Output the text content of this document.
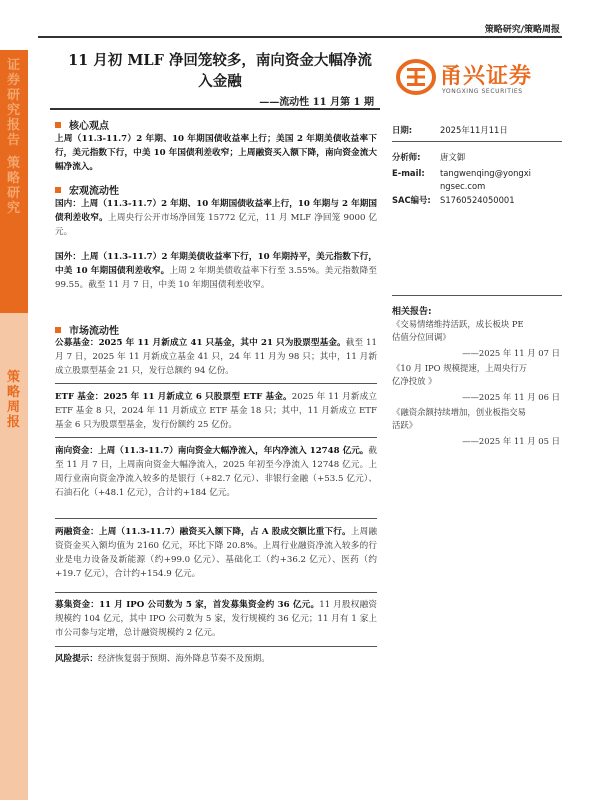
策略研究/策略周报
证券研究报告
策略研究
策略周报
11 月初 MLF 净回笼较多，南向资金大幅净流
入金融
——流动性 11 月第 1 期
甬兴证券
YONGXING SECURITIES
核心观点
上周（11.3-11.7）2 年期、10 年期国债收益率上行；美国 2 年期美债收益率下行，美元指数下行，中美 10 年国债利差收窄；上周融资买入额下降，南向资金流大幅净流入。
宏观流动性
国内：上周（11.3-11.7）2 年期、10 年期国债收益率上行，10 年期与 2 年期国债利差收窄。上周央行公开市场净回笼 15772 亿元，11 月 MLF 净回笼 9000 亿元。
国外：上周（11.3-11.7）2 年期美债收益率下行，10 年期持平，美元指数下行，中美 10 年期国债利差收窄。上周 2 年期美债收益率下行至 3.55%。美元指数降至 99.55。截至 11 月 7 日，中美 10 年期国债利差收窄。
市场流动性
公募基金：2025 年 11 月新成立 41 只基金，其中 21 只为股票型基金。截至 11 月 7 日，2025 年 11 月新成立基金 41 只，24 年 11 月为 98 只；其中，11 月新成立股票型基金 21 只，发行总额约 94 亿份。
ETF 基金：2025 年 11 月新成立 6 只股票型 ETF 基金。2025 年 11 月新成立 ETF 基金 8 只，2024 年 11 月新成立 ETF 基金 18 只；其中，11 月新成立 ETF 基金 6 只为股票型基金，发行份额约 25 亿份。
南向资金：上周（11.3-11.7）南向资金大幅净流入，年内净流入 12748 亿元。截至 11 月 7 日，上周南向资金大幅净流入，2025 年初至今净流入 12748 亿元。上周行业南向资金净流入较多的是银行（+82.7 亿元）、非银行金融（+53.5 亿元）、石油石化（+48.1 亿元），合计约+184 亿元。
两融资金：上周（11.3-11.7）融资买入额下降，占 A 股成交额比重下行。上周融资资金买入额均值为 2160 亿元，环比下降 20.8%。上周行业融资净流入较多的行业是电力设备及新能源（约+99.0 亿元）、基础化工（约+36.2 亿元）、医药（约+19.7 亿元），合计约+154.9 亿元。
募集资金：11 月 IPO 公司数为 5 家，首发募集资金约 36 亿元。11 月股权融资规模约 104 亿元，其中 IPO 公司数为 5 家，发行规模约 36 亿元；11 月有 1 家上市公司参与定增，总计融资规模约 2 亿元。
风险提示：经济恢复弱于预期、海外降息节奏不及预期。
日期:	2025年11月11日
分析师: 唐文御
E-mail: tangwenqing@yongxi
ngsec.com
SAC编号: S1760524050001
相关报告:
《交易情绪维持活跃，成长板块 PE
估值分位回调》
——2025 年 11 月 07 日
《10 月 IPO 规模提速，上周央行万
亿净投放 》
——2025 年 11 月 06 日
《融资余额持续增加，创业板指交易
活跃》
——2025 年 11 月 05 日
